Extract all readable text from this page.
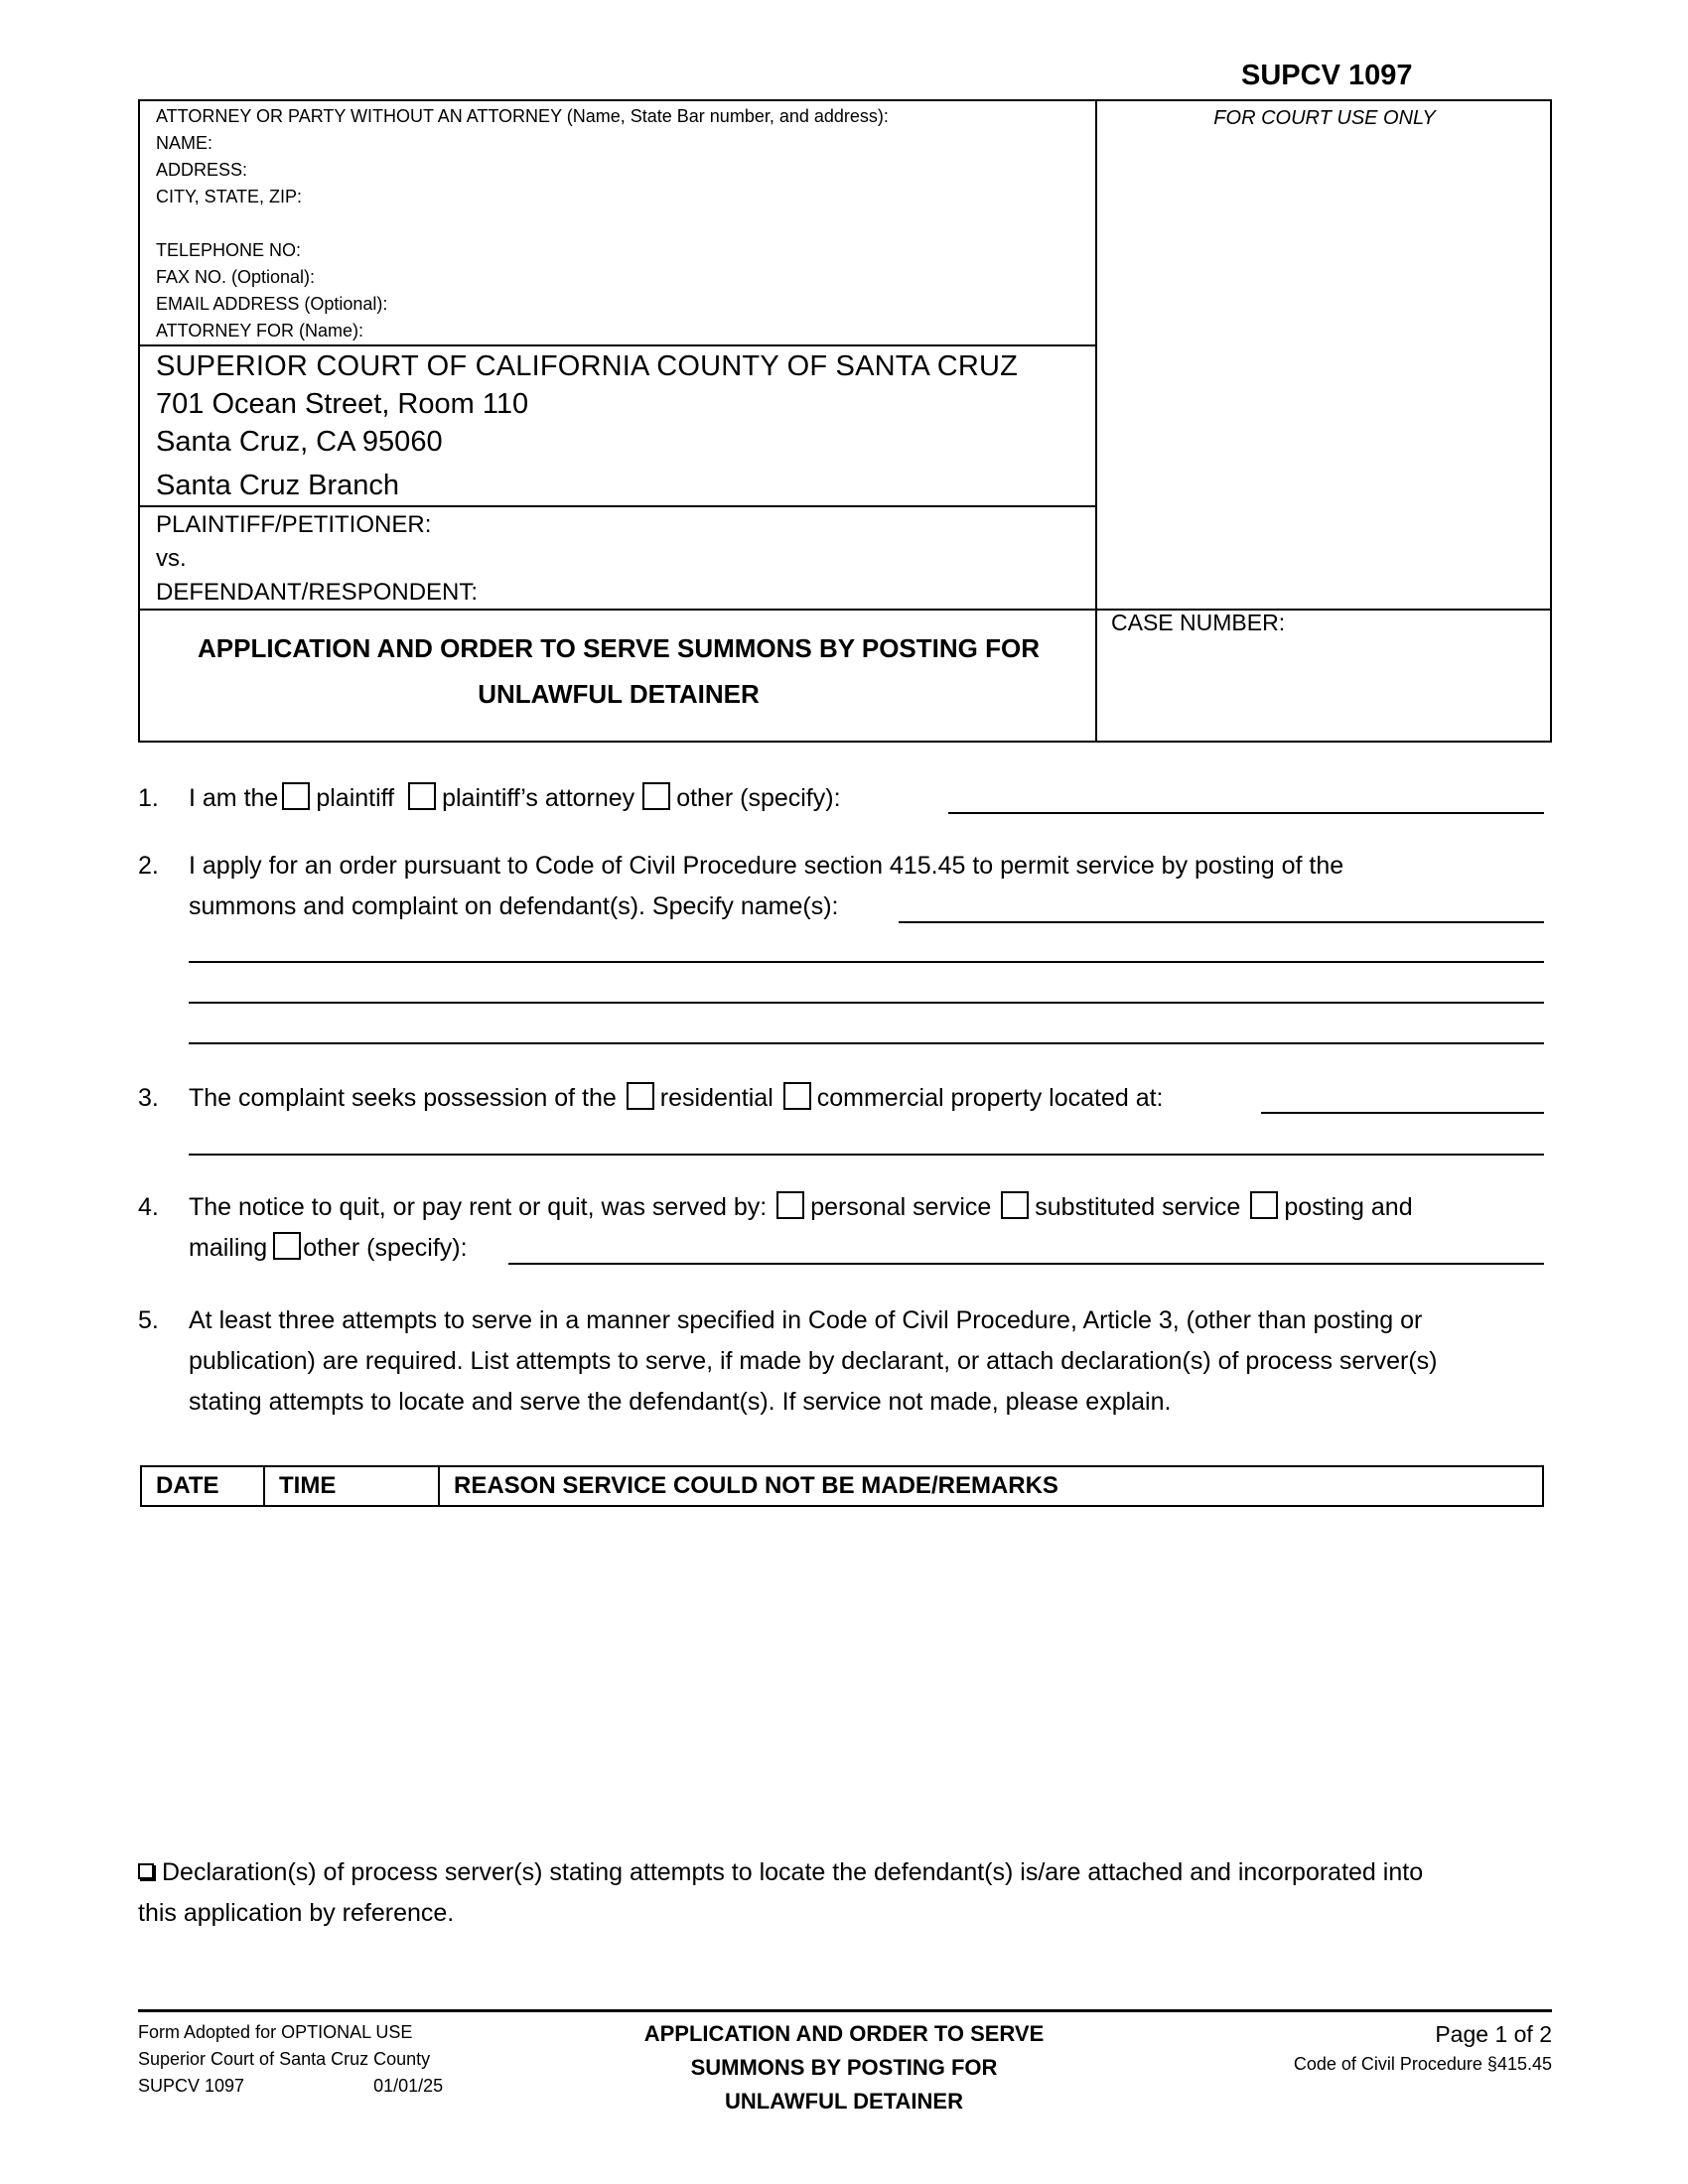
SUPCV 1097
ATTORNEY OR PARTY WITHOUT AN ATTORNEY (Name, State Bar number, and address):
NAME:
ADDRESS:
CITY, STATE, ZIP:
TELEPHONE NO:
FAX NO. (Optional):
EMAIL ADDRESS (Optional):
ATTORNEY FOR (Name):
SUPERIOR COURT OF CALIFORNIA COUNTY OF SANTA CRUZ
701 Ocean Street, Room 110
Santa Cruz, CA 95060
Santa Cruz Branch
PLAINTIFF/PETITIONER:
vs.
DEFENDANT/RESPONDENT:
APPLICATION AND ORDER TO SERVE SUMMONS BY POSTING FOR
UNLAWFUL DETAINER
FOR COURT USE ONLY
CASE NUMBER:
1. I am the plaintiff plaintiff’s attorney other (specify):
2. I apply for an order pursuant to Code of Civil Procedure section 415.45 to permit service by posting of the
summons and complaint on defendant(s). Specify name(s):
3. The complaint seeks possession of the residential commercial property located at:
4. The notice to quit, or pay rent or quit, was served by: personal service substituted service posting and
mailing other (specify):
5. At least three attempts to serve in a manner specified in Code of Civil Procedure, Article 3, (other than posting or
publication) are required. List attempts to serve, if made by declarant, or attach declaration(s) of process server(s)
stating attempts to locate and serve the defendant(s). If service not made, please explain.
DATE	TIME	REASON SERVICE COULD NOT BE MADE/REMARKS
Declaration(s) of process server(s) stating attempts to locate the defendant(s) is/are attached and incorporated into
this application by reference.
Form Adopted for OPTIONAL USE
Superior Court of Santa Cruz County
SUPCV 1097	01/01/25
APPLICATION AND ORDER TO SERVE
SUMMONS BY POSTING FOR
UNLAWFUL DETAINER
Page 1 of 2
Code of Civil Procedure §415.45
